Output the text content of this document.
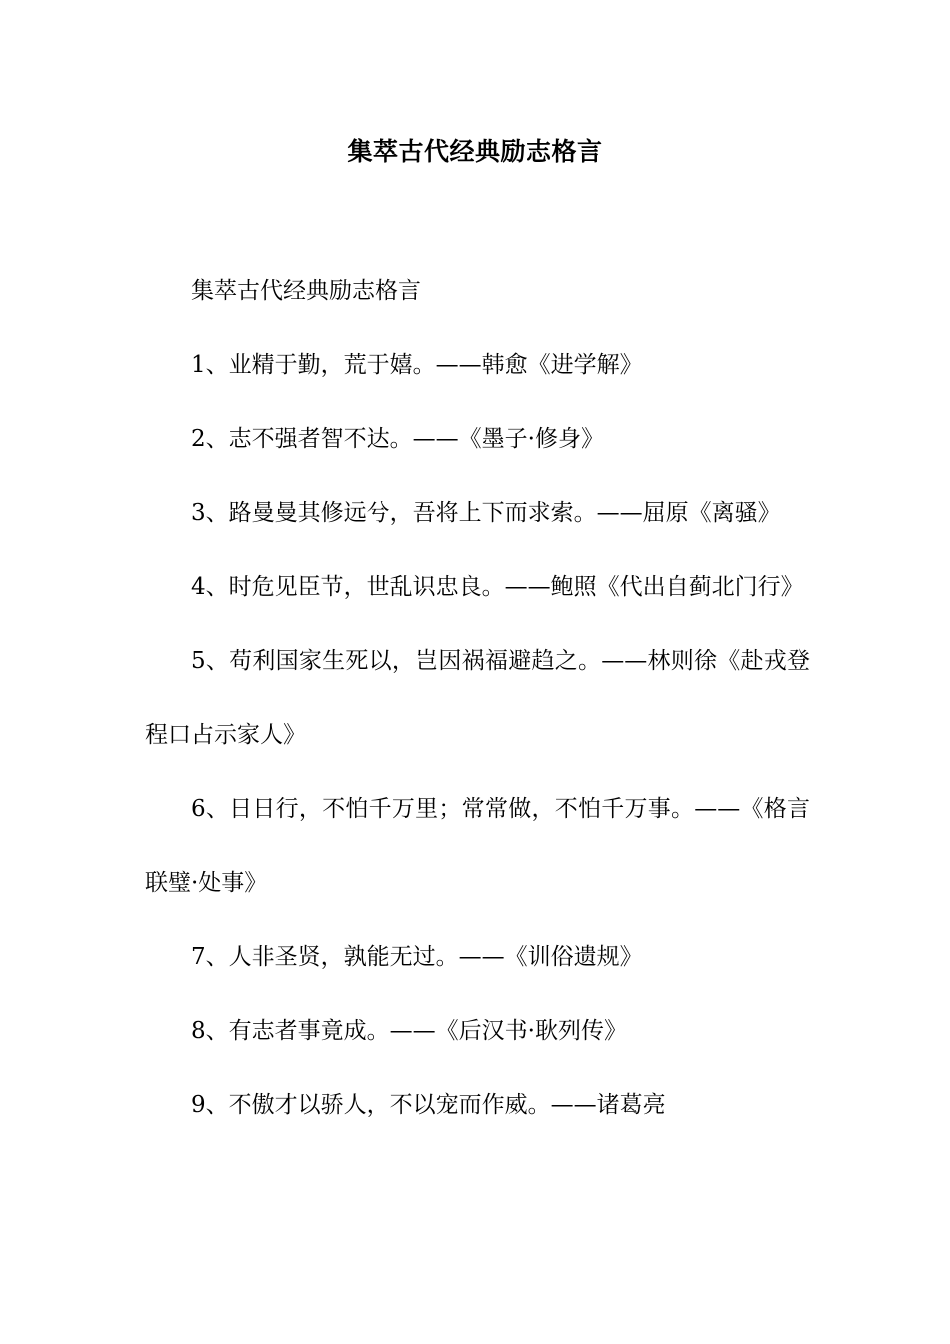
集萃古代经典励志格言

集萃古代经典励志格言

1、业精于勤，荒于嬉。——韩愈《进学解》

2、志不强者智不达。——《墨子·修身》

3、路曼曼其修远兮，吾将上下而求索。——屈原《离骚》

4、时危见臣节，世乱识忠良。——鲍照《代出自蓟北门行》

5、苟利国家生死以，岂因祸福避趋之。——林则徐《赴戎登程口占示家人》

6、日日行，不怕千万里；常常做，不怕千万事。——《格言联璧·处事》

7、人非圣贤，孰能无过。——《训俗遗规》

8、有志者事竟成。——《后汉书·耿列传》

9、不傲才以骄人，不以宠而作威。——诸葛亮
